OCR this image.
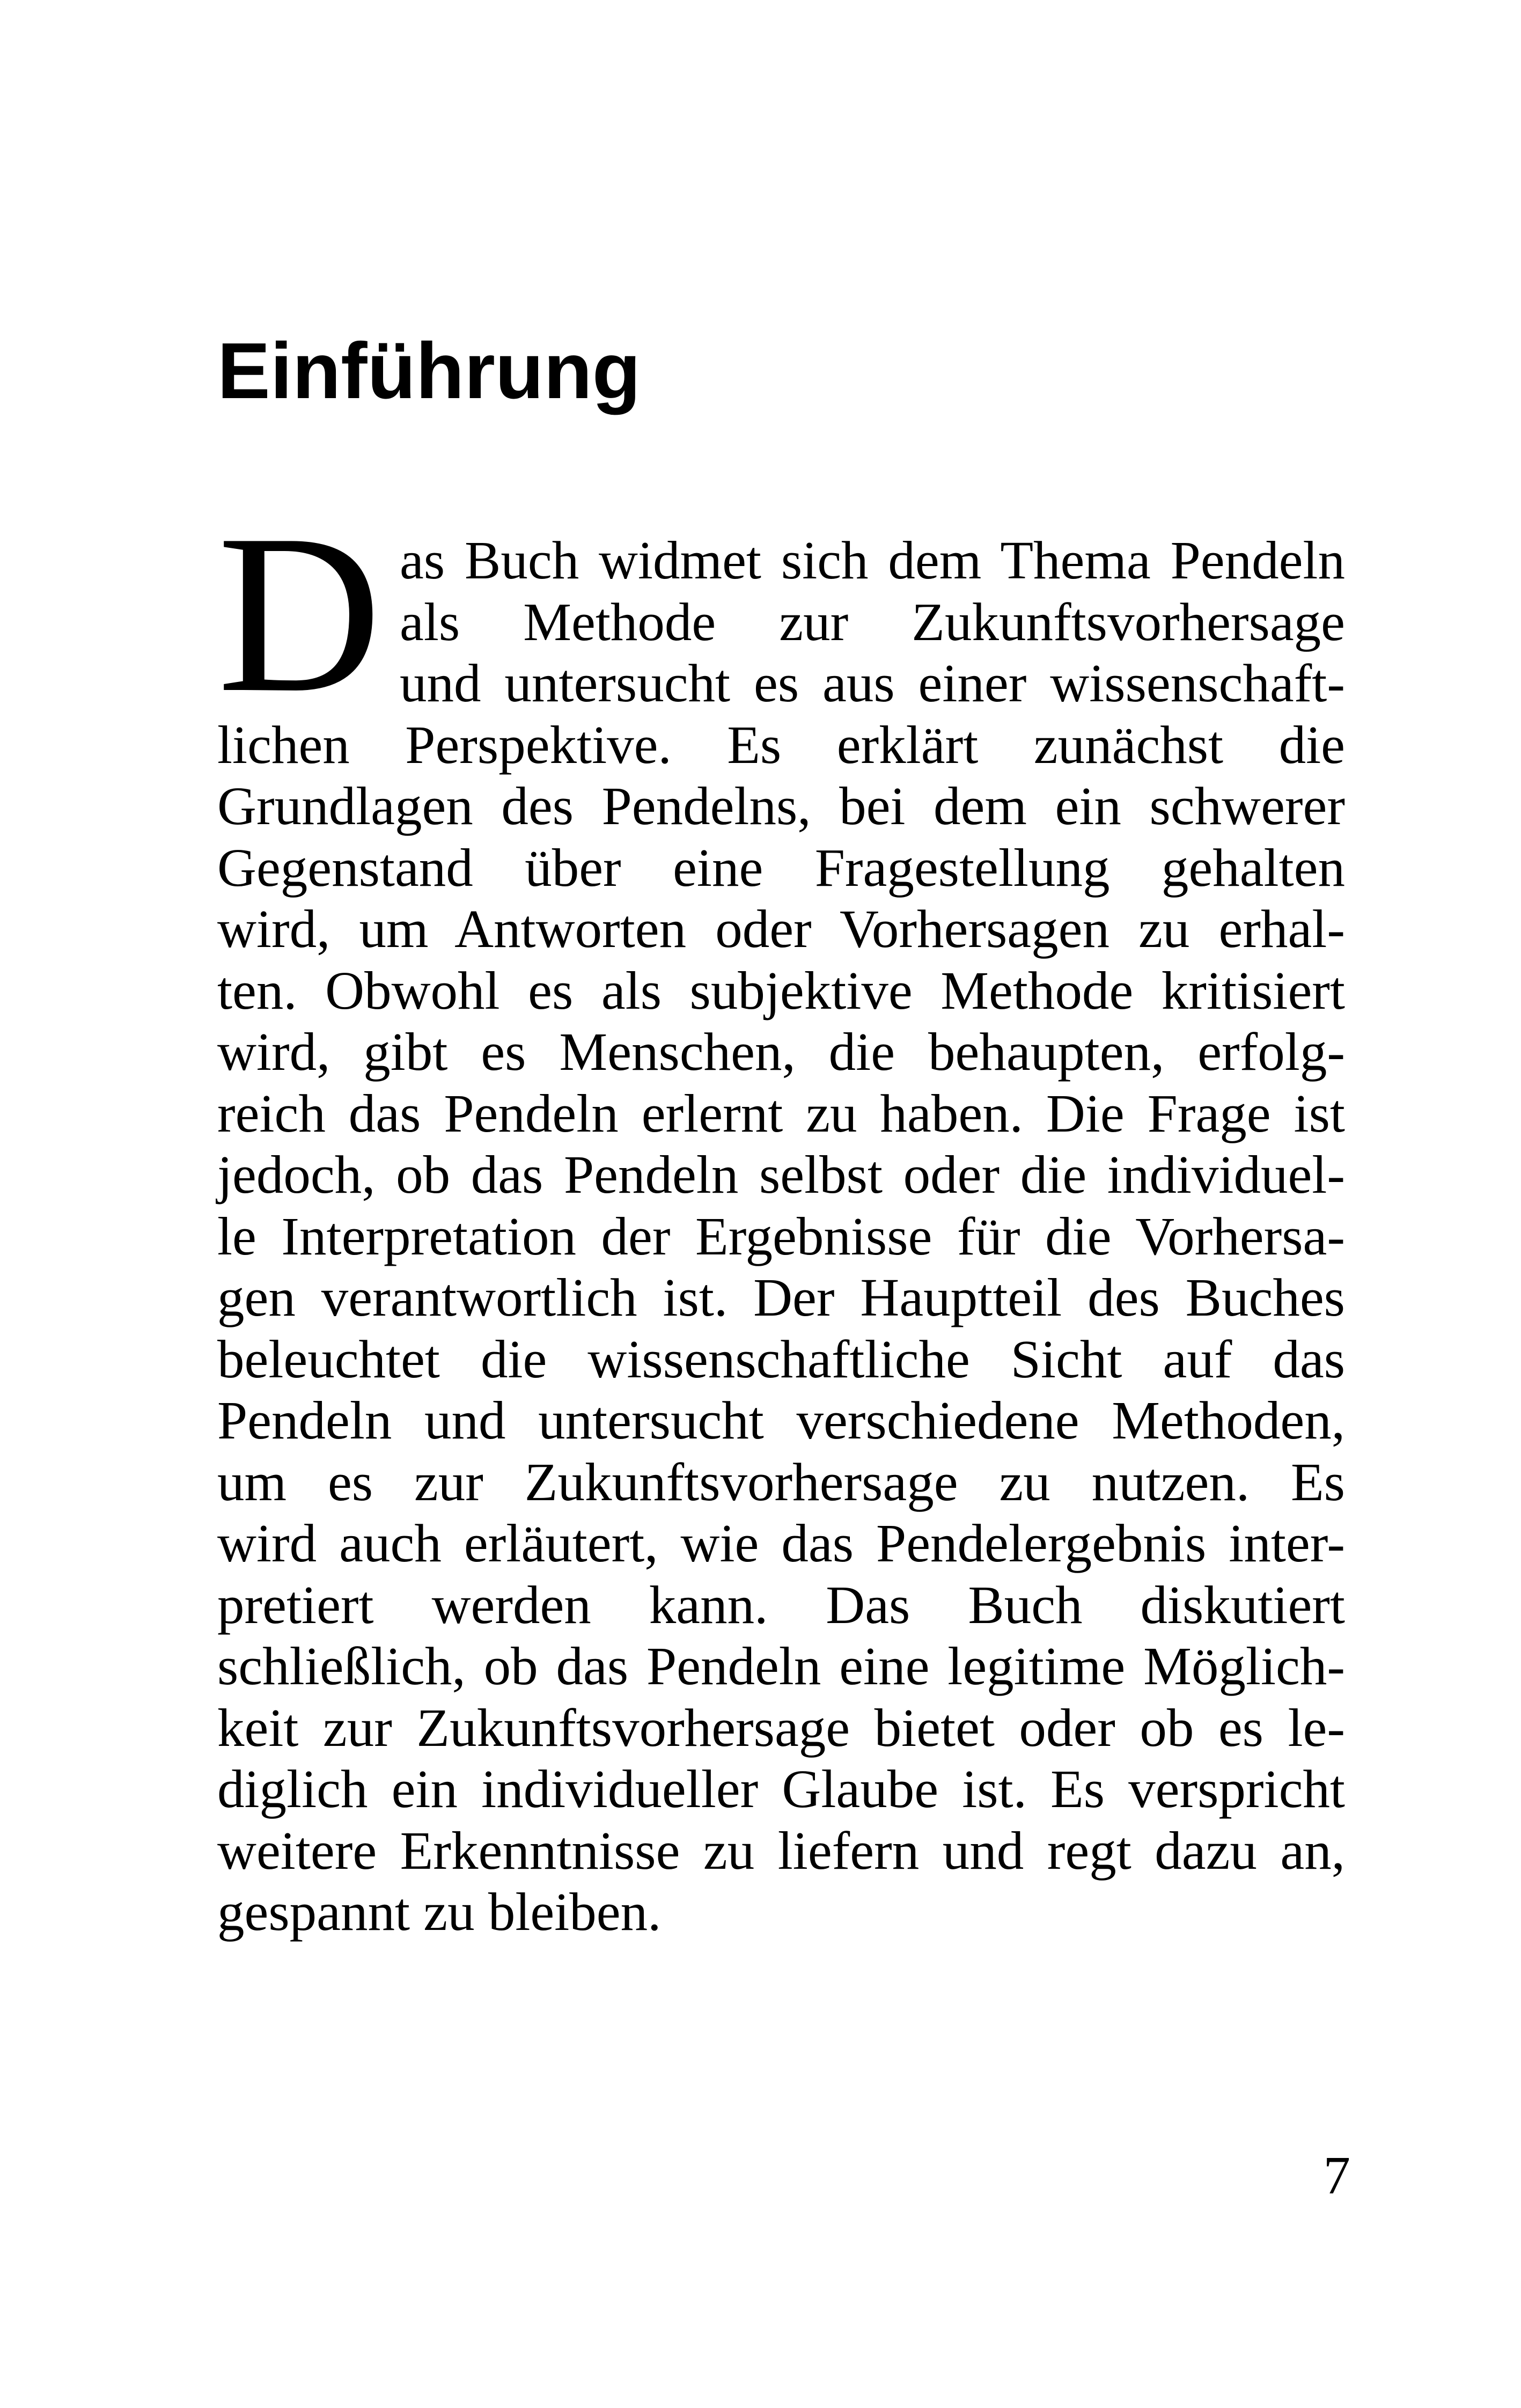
Einführung
D as Buch widmet sich dem Thema Pendeln
als Methode zur Zukunftsvorhersage
und untersucht es aus einer wissenschaft-
lichen Perspektive. Es erklärt zunächst die
Grundlagen des Pendelns, bei dem ein schwerer
Gegenstand über eine Fragestellung gehalten
wird, um Antworten oder Vorhersagen zu erhal-
ten. Obwohl es als subjektive Methode kritisiert
wird, gibt es Menschen, die behaupten, erfolg-
reich das Pendeln erlernt zu haben. Die Frage ist
jedoch, ob das Pendeln selbst oder die individuel-
le Interpretation der Ergebnisse für die Vorhersa-
gen verantwortlich ist. Der Hauptteil des Buches
beleuchtet die wissenschaftliche Sicht auf das
Pendeln und untersucht verschiedene Methoden,
um es zur Zukunftsvorhersage zu nutzen. Es
wird auch erläutert, wie das Pendelergebnis inter-
pretiert werden kann. Das Buch diskutiert
schließlich, ob das Pendeln eine legitime Möglich-
keit zur Zukunftsvorhersage bietet oder ob es le-
diglich ein individueller Glaube ist. Es verspricht
weitere Erkenntnisse zu liefern und regt dazu an,
gespannt zu bleiben.
7
